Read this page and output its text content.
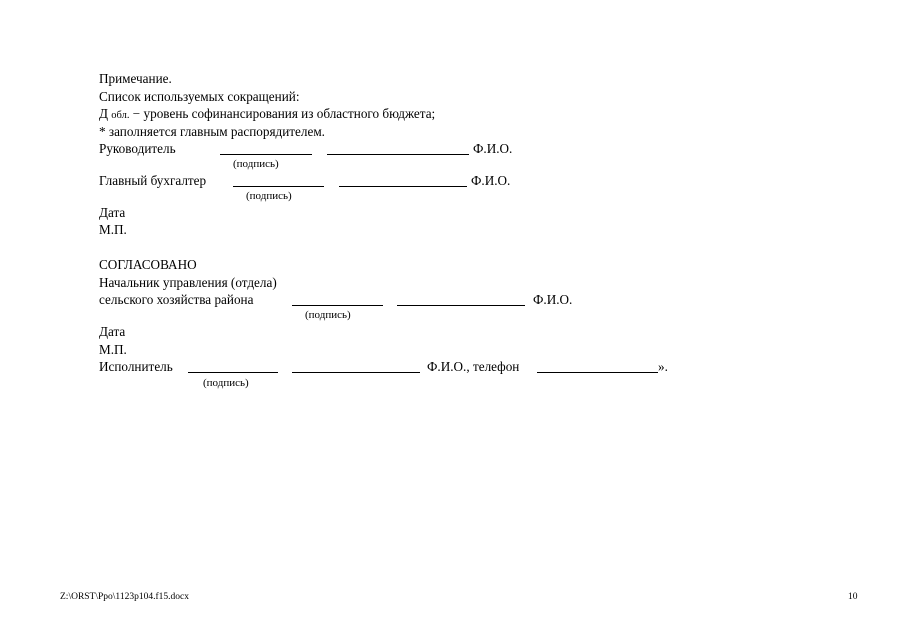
Примечание.
Список используемых сокращений:
Д обл. − уровень софинансирования из областного бюджета;
* заполняется главным распорядителем.
Руководитель	Ф.И.О.
(подпись)
Главный бухгалтер	Ф.И.О.
(подпись)
Дата
М.П.
СОГЛАСОВАНО
Начальник управления (отдела)
сельского хозяйства района	Ф.И.О.
(подпись)
Дата
М.П.
Исполнитель	Ф.И.О., телефон	».
(подпись)
Z:\ORST\Ppo\1123p104.f15.docx	10
